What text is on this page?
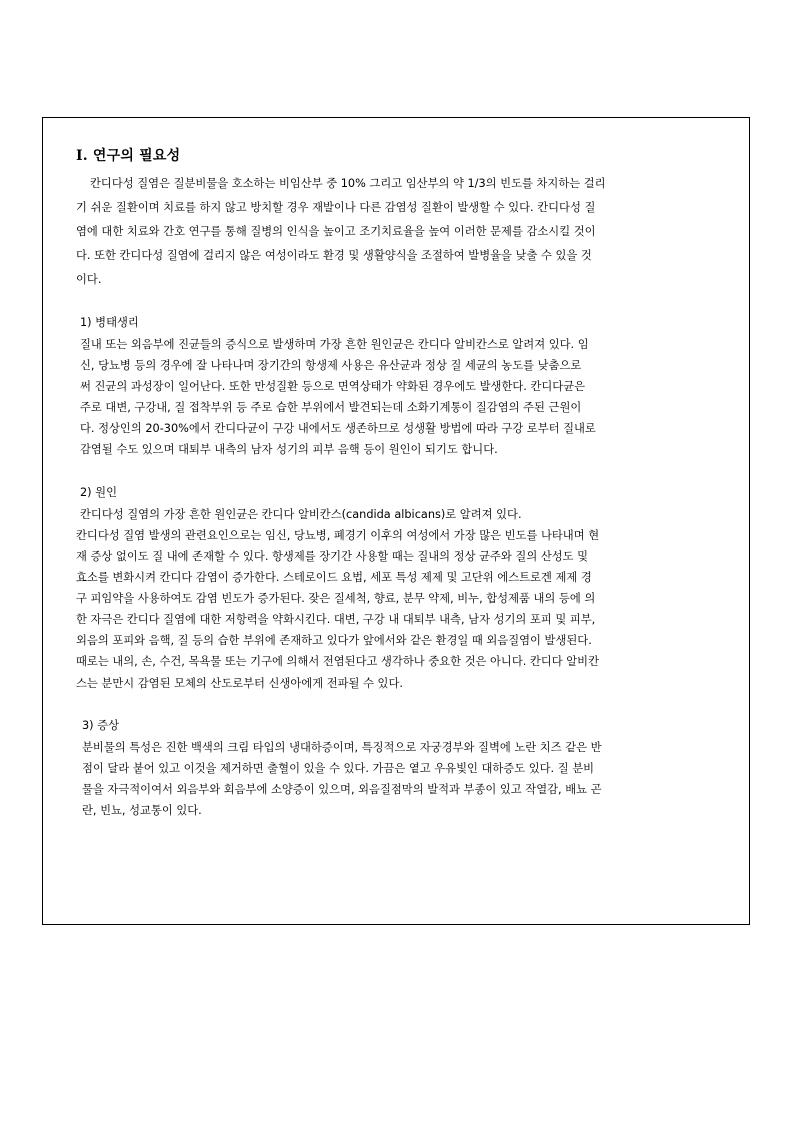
I. 연구의 필요성
칸디다성 질염은 질분비물을 호소하는 비임산부 중 10% 그리고 임산부의 약 1/3의 빈도를 차지하는 걸리
기 쉬운 질환이며 치료를 하지 않고 방치할 경우 재발이나 다른 감염성 질환이 발생할 수 있다. 칸디다성 질
염에 대한 치료와 간호 연구를 통해 질병의 인식을 높이고 조기치료율을 높여 이러한 문제를 감소시킬 것이
다. 또한 칸디다성 질염에 걸리지 않은 여성이라도 환경 및 생활양식을 조절하여 발병율을 낮출 수 있을 것
이다.
1) 병태생리
질내 또는 외음부에 진균들의 증식으로 발생하며 가장 흔한 원인균은 칸디다 알비칸스로 알려져 있다. 임
신, 당뇨병 등의 경우에 잘 나타나며 장기간의 항생제 사용은 유산균과 정상 질 세균의 농도를 낮춤으로
써 진균의 과성장이 일어난다. 또한 만성질환 등으로 면역상태가 약화된 경우에도 발생한다. 칸디다균은
주로 대변, 구강내, 질 접착부위 등 주로 습한 부위에서 발견되는데 소화기계통이 질감염의 주된 근원이
다. 정상인의 20-30%에서 칸디다균이 구강 내에서도 생존하므로 성생활 방법에 따라 구강 로부터 질내로
감염될 수도 있으며 대퇴부 내측의 남자 성기의 피부 음핵 등이 원인이 되기도 합니다.
2) 원인
칸디다성 질염의 가장 흔한 원인균은 칸디다 알비칸스(candida albicans)로 알려져 있다.
칸디다성 질염 발생의 관련요인으로는 임신, 당뇨병, 폐경기 이후의 여성에서 가장 많은 빈도를 나타내며 현
재 증상 없이도 질 내에 존재할 수 있다. 항생제를 장기간 사용할 때는 질내의 정상 균주와 질의 산성도 및
효소를 변화시켜 칸디다 감염이 증가한다. 스테로이드 요법, 세포 특성 제제 및 고단위 에스트로겐 제제 경
구 피임약을 사용하여도 감염 빈도가 증가된다. 잦은 질세척, 향료, 분무 약제, 비누, 합성제품 내의 등에 의
한 자극은 칸디다 질염에 대한 저항력을 약화시킨다. 대변, 구강 내 대퇴부 내측, 남자 성기의 포피 및 피부,
외음의 포피와 음핵, 질 등의 습한 부위에 존재하고 있다가 앞에서와 같은 환경일 때 외음질염이 발생된다.
때로는 내의, 손, 수건, 목욕물 또는 기구에 의해서 전염된다고 생각하나 중요한 것은 아니다. 칸디다 알비칸
스는 분만시 감염된 모체의 산도로부터 신생아에게 전파될 수 있다.
3) 증상
분비물의 특성은 진한 백색의 크림 타입의 냉대하증이며, 특징적으로 자궁경부와 질벽에 노란 치즈 같은 반
점이 달라 붙어 있고 이것을 제거하면 출혈이 있을 수 있다. 가끔은 옅고 우유빛인 대하증도 있다. 질 분비
물을 자극적이여서 외음부와 회음부에 소양증이 있으며, 외음질점막의 발적과 부종이 있고 작열감, 배뇨 곤
란, 빈뇨, 성교통이 있다.
